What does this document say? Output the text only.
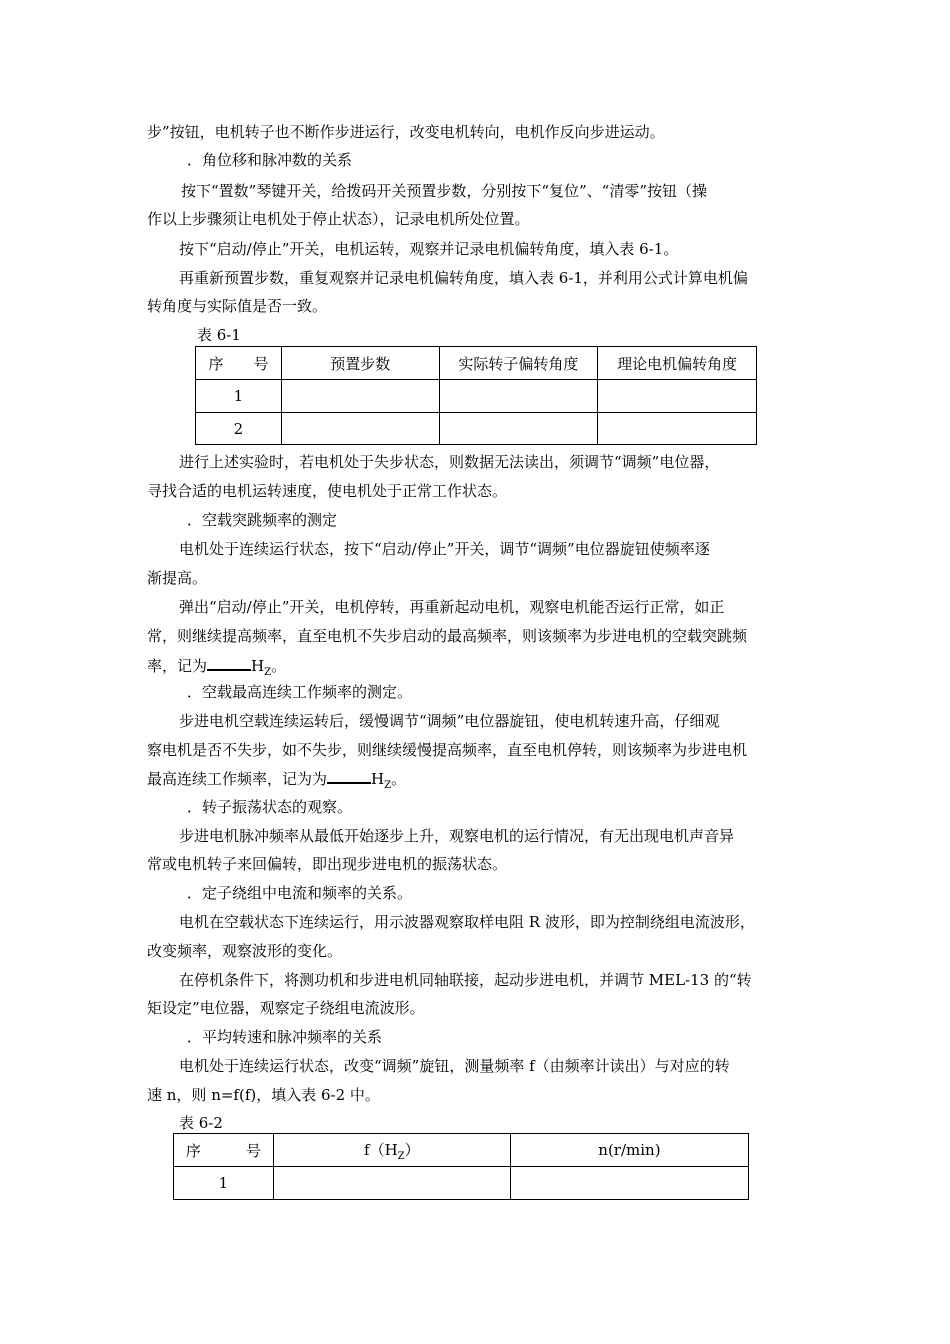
步”按钮，电机转子也不断作步进运行，改变电机转向，电机作反向步进运动。
．角位移和脉冲数的关系
按下“置数”琴键开关，给拨码开关预置步数，分别按下“复位”、“清零”按钮（操
作以上步骤须让电机处于停止状态），记录电机所处位置。
按下“启动/停止”开关，电机运转，观察并记录电机偏转角度，填入表 6-1。
再重新预置步数，重复观察并记录电机偏转角度，填入表 6-1，并利用公式计算电机偏
转角度与实际值是否一致。
表 6-1
序　　号	预置步数	实际转子偏转角度	理论电机偏转角度
1			
2			
进行上述实验时，若电机处于失步状态，则数据无法读出，须调节“调频”电位器，
寻找合适的电机运转速度，使电机处于正常工作状态。
．空载突跳频率的测定
电机处于连续运行状态，按下“启动/停止”开关，调节“调频”电位器旋钮使频率逐
渐提高。
弹出“启动/停止”开关，电机停转，再重新起动电机，观察电机能否运行正常，如正
常，则继续提高频率，直至电机不失步启动的最高频率，则该频率为步进电机的空载突跳频
率，记为	$H_Z$。
．空载最高连续工作频率的测定。
步进电机空载连续运转后，缓慢调节“调频”电位器旋钮，使电机转速升高，仔细观
察电机是否不失步，如不失步，则继续缓慢提高频率，直至电机停转，则该频率为步进电机
最高连续工作频率，记为为	$H_Z$。
．转子振荡状态的观察。
步进电机脉冲频率从最低开始逐步上升，观察电机的运行情况，有无出现电机声音异
常或电机转子来回偏转，即出现步进电机的振荡状态。
．定子绕组中电流和频率的关系。
电机在空载状态下连续运行，用示波器观察取样电阻 R 波形，即为控制绕组电流波形，
改变频率，观察波形的变化。
在停机条件下，将测功机和步进电机同轴联接，起动步进电机，并调节 MEL-13 的“转
矩设定”电位器，观察定子绕组电流波形。
．平均转速和脉冲频率的关系
电机处于连续运行状态，改变“调频”旋钮，测量频率 f（由频率计读出）与对应的转
速 n，则 n=f(f)，填入表 6-2 中。
表 6-2
序　　　号	$f(H_Z)$	n(r/min)
1		
